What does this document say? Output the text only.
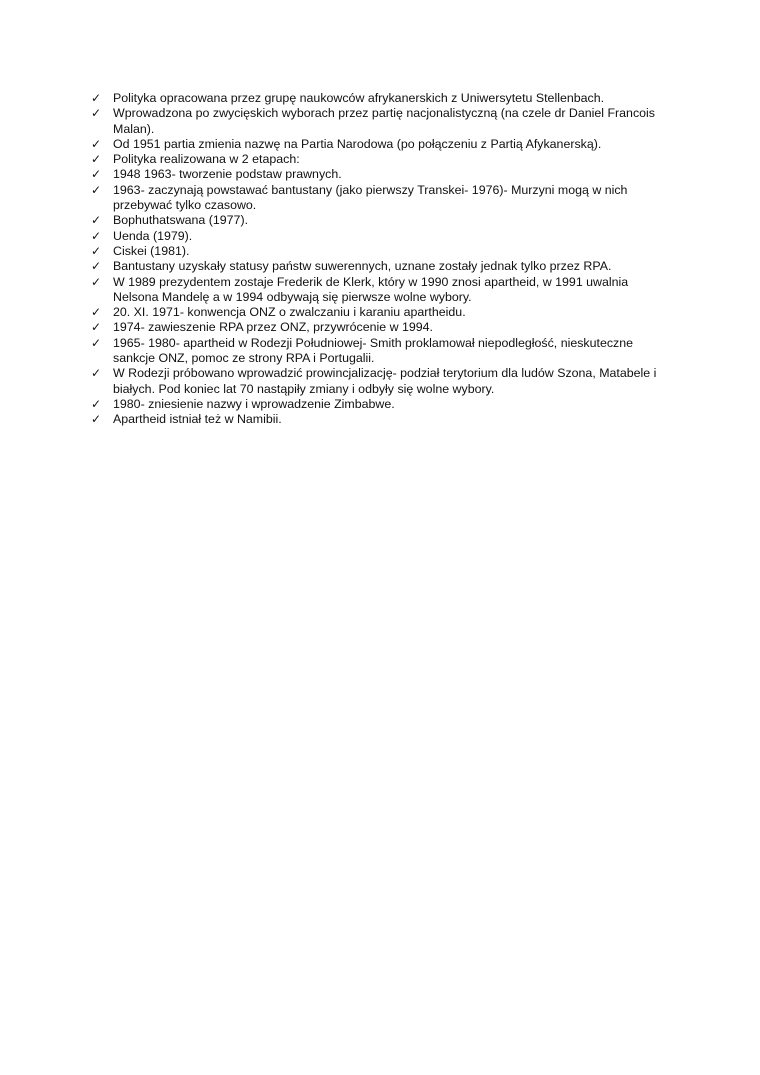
✓ Polityka opracowana przez grupę naukowców afrykanerskich z Uniwersytetu Stellenbach.
✓ Wprowadzona po zwycięskich wyborach przez partię nacjonalistyczną (na czele dr Daniel Francois Malan).
✓ Od 1951 partia zmienia nazwę na Partia Narodowa (po połączeniu z Partią Afykanerską).
✓ Polityka realizowana w 2 etapach:
✓ 1948 1963- tworzenie podstaw prawnych.
✓ 1963- zaczynają powstawać bantustany (jako pierwszy Transkei- 1976)- Murzyni mogą w nich przebywać tylko czasowo.
✓ Bophuthatswana (1977).
✓ Uenda (1979).
✓ Ciskei (1981).
✓ Bantustany uzyskały statusy państw suwerennych, uznane zostały jednak tylko przez RPA.
✓ W 1989 prezydentem zostaje Frederik de Klerk, który w 1990 znosi apartheid, w 1991 uwalnia Nelsona Mandelę a w 1994 odbywają się pierwsze wolne wybory.
✓ 20. XI. 1971- konwencja ONZ o zwalczaniu i karaniu apartheidu.
✓ 1974- zawieszenie RPA przez ONZ, przywrócenie w 1994.
✓ 1965- 1980- apartheid w Rodezji Południowej- Smith proklamował niepodległość, nieskuteczne sankcje ONZ, pomoc ze strony RPA i Portugalii.
✓ W Rodezji próbowano wprowadzić prowincjalizację- podział terytorium dla ludów Szona, Matabele i białych. Pod koniec lat 70 nastąpiły zmiany i odbyły się wolne wybory.
✓ 1980- zniesienie nazwy i wprowadzenie Zimbabwe.
✓ Apartheid istniał też w Namibii.
